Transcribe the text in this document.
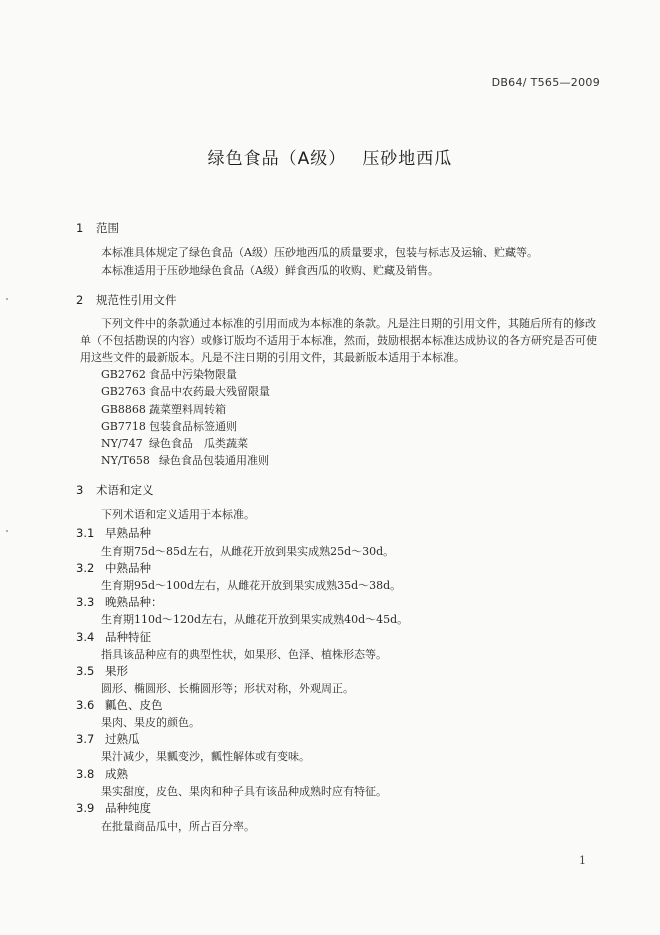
DB64/ T565—2009
绿色食品（A级） 压砂地西瓜
1 范围
本标准具体规定了绿色食品（A级）压砂地西瓜的质量要求，包装与标志及运输、贮藏等。
本标准适用于压砂地绿色食品（A级）鲜食西瓜的收购、贮藏及销售。
2 规范性引用文件
下列文件中的条款通过本标准的引用而成为本标准的条款。凡是注日期的引用文件，其随后所有的修改单（不包括勘误的内容）或修订版均不适用于本标准，然而，鼓励根据本标准达成协议的各方研究是否可使用这些文件的最新版本。凡是不注日期的引用文件，其最新版本适用于本标准。
GB2762 食品中污染物限量
GB2763 食品中农药最大残留限量
GB8868 蔬菜塑料周转箱
GB7718 包装食品标签通则
NY/747 绿色食品　瓜类蔬菜
NY/T658 绿色食品包装通用准则
3 术语和定义
下列术语和定义适用于本标准。
3.1 早熟品种
生育期75d～85d左右，从雌花开放到果实成熟25d～30d。
3.2 中熟品种
生育期95d～100d左右，从雌花开放到果实成熟35d～38d。
3.3 晚熟品种：
生育期110d～120d左右，从雌花开放到果实成熟40d～45d。
3.4 品种特征
指具该品种应有的典型性状，如果形、色泽、植株形态等。
3.5 果形
圆形、椭圆形、长椭圆形等；形状对称，外观周正。
3.6 瓤色、皮色
果肉、果皮的颜色。
3.7 过熟瓜
果汁减少，果瓤变沙，瓤性解体或有变味。
3.8 成熟
果实甜度，皮色、果肉和种子具有该品种成熟时应有特征。
3.9 品种纯度
在批量商品瓜中，所占百分率。
1
